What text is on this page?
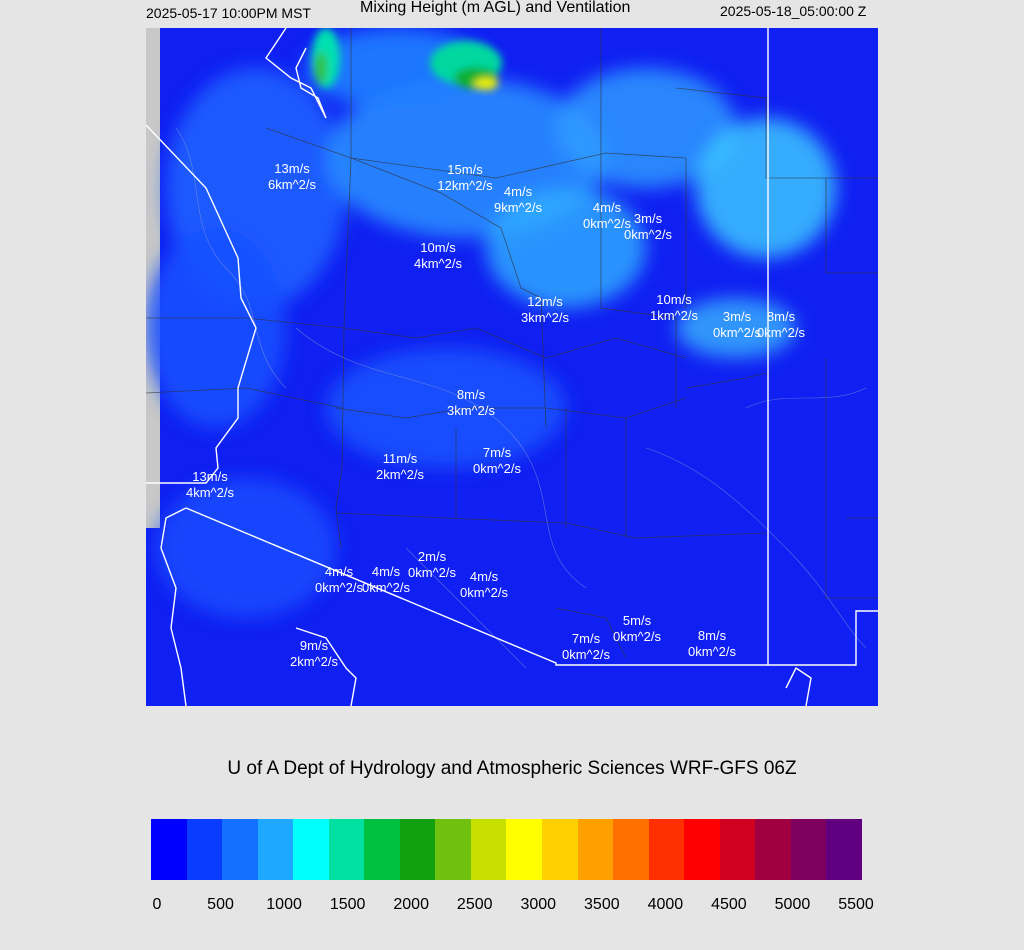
2025-05-17 10:00PM MST	Mixing Height (m AGL) and Ventilation	2025-05-18_05:00:00 Z
13m/s
6km^2/s
15m/s
12km^2/s 4m/s
9km^2/s	4m/s
0km^2/s 3m/s
0km^2/s
10m/s
4km^2/s
12m/s
3km^2/s
10m/s
1km^2/s	3m/s
0km^2/s
8m/s
0km^2/s
8m/s
3km^2/s
11m/s
2km^2/s
7m/s
0km^2/s
4m/s
0km^2/s
13m/s
4km^2/s
2m/s
0km^2/s
4m/s
0km^2/s
4m/s
0km^2/s
5m/s
0km^2/s
7m/s
0km^2/s
8m/s
0km^2/s
9m/s
2km^2/s
U of A Dept of Hydrology and Atmospheric Sciences WRF-GFS 06Z
0	500 1000 1500 2000 2500 3000 3500 4000 4500 5000 5500
